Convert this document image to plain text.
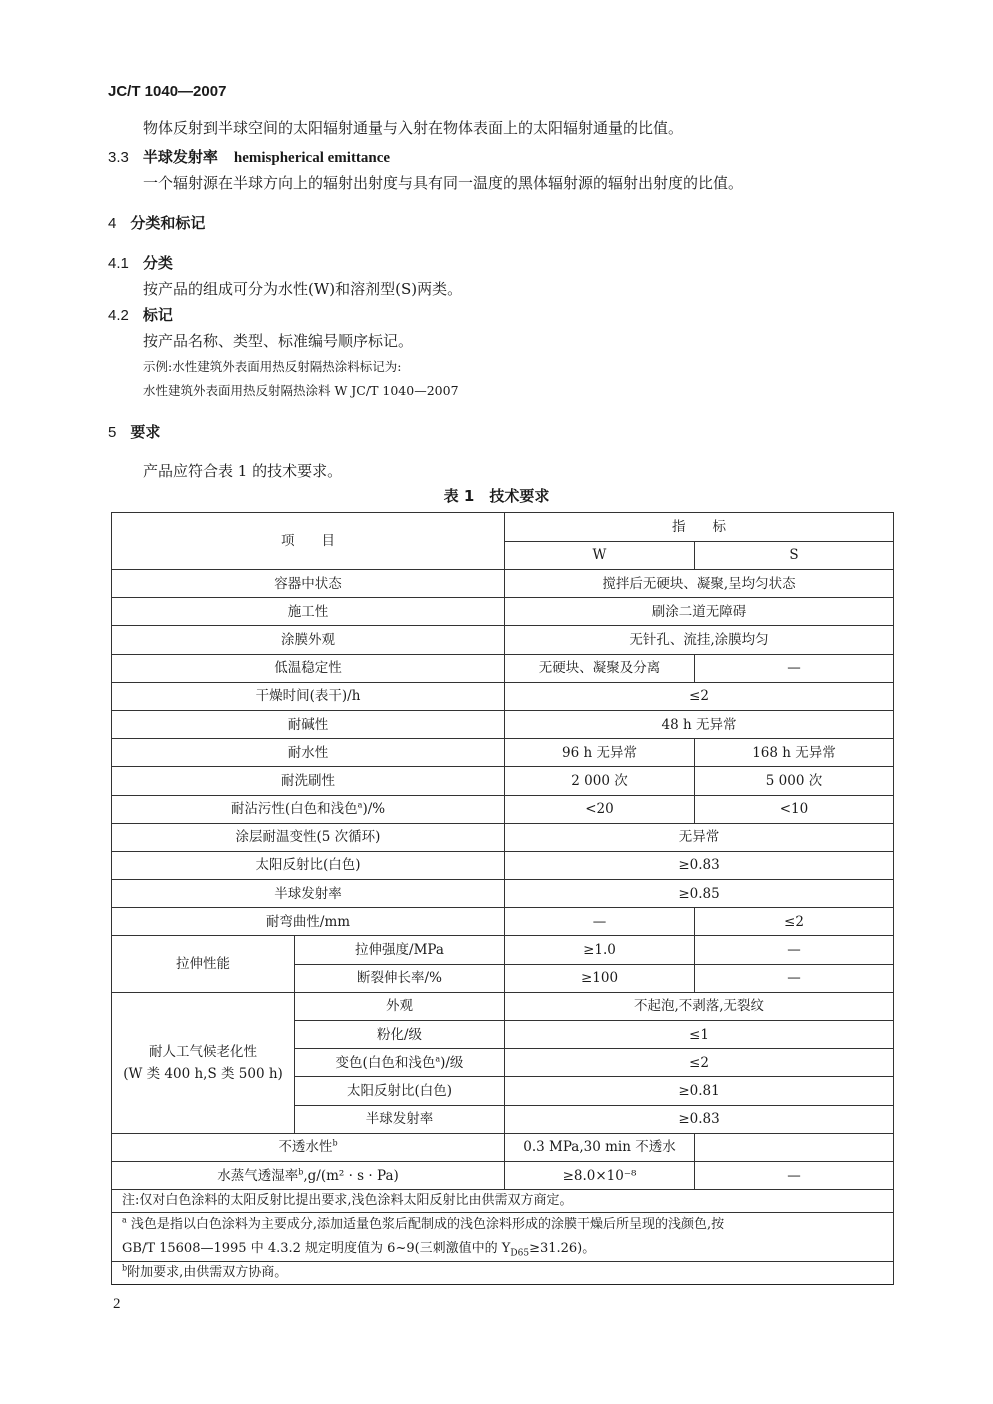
JC/T 1040—2007
物体反射到半球空间的太阳辐射通量与入射在物体表面上的太阳辐射通量的比值。
3.3 半球发射率 hemispherical emittance
一个辐射源在半球方向上的辐射出射度与具有同一温度的黑体辐射源的辐射出射度的比值。
4 分类和标记
4.1 分类
按产品的组成可分为水性(W)和溶剂型(S)两类。
4.2 标记
按产品名称、类型、标准编号顺序标记。
示例:水性建筑外表面用热反射隔热涂料标记为:
水性建筑外表面用热反射隔热涂料 W JC/T 1040—2007
5 要求
产品应符合表 1 的技术要求。
表 1　技术要求
项　　目		指　　标	
		W	S
容器中状态		搅拌后无硬块、凝聚,呈均匀状态	
施工性		刷涂二道无障碍	
涂膜外观		无针孔、流挂,涂膜均匀	
低温稳定性		无硬块、凝聚及分离	—
干燥时间(表干)/h		≤2	
耐碱性		48 h 无异常	
耐水性		96 h 无异常	168 h 无异常
耐洗刷性		2 000 次	5 000 次
耐沾污性(白色和浅色$^a$)/%		<20	<10
涂层耐温变性(5 次循环)		无异常	
太阳反射比(白色)		≥0.83	
半球发射率		≥0.85	
耐弯曲性/mm		—	≤2
拉伸性能	拉伸强度/MPa	≥1.0	—
	断裂伸长率/%	≥100	—
耐人工气候老化性
(W 类 400 h,S 类 500 h)	外观	不起泡,不剥落,无裂纹	
	粉化/级	≤1	
	变色(白色和浅色$^a$)/级	≤2	
	太阳反射比(白色)	≥0.81	
	半球发射率	≥0.83	
不透水性$^b$		0.3 MPa,30 min 不透水	
水蒸气透湿率$^b$,g/(m² · s · Pa)		≥8.0×10⁻⁸	—
注:仅对白色涂料的太阳反射比提出要求,浅色涂料太阳反射比由供需双方商定。			
$^a$ 浅色是指以白色涂料为主要成分,添加适量色浆后配制成的浅色涂料形成的涂膜干燥后所呈现的浅颜色,按
GB/T 15608—1995 中 4.3.2 规定明度值为 6~9(三刺激值中的 $Y_{D65}\ge 31.26$)。			
$^b$附加要求,由供需双方协商。			
2
